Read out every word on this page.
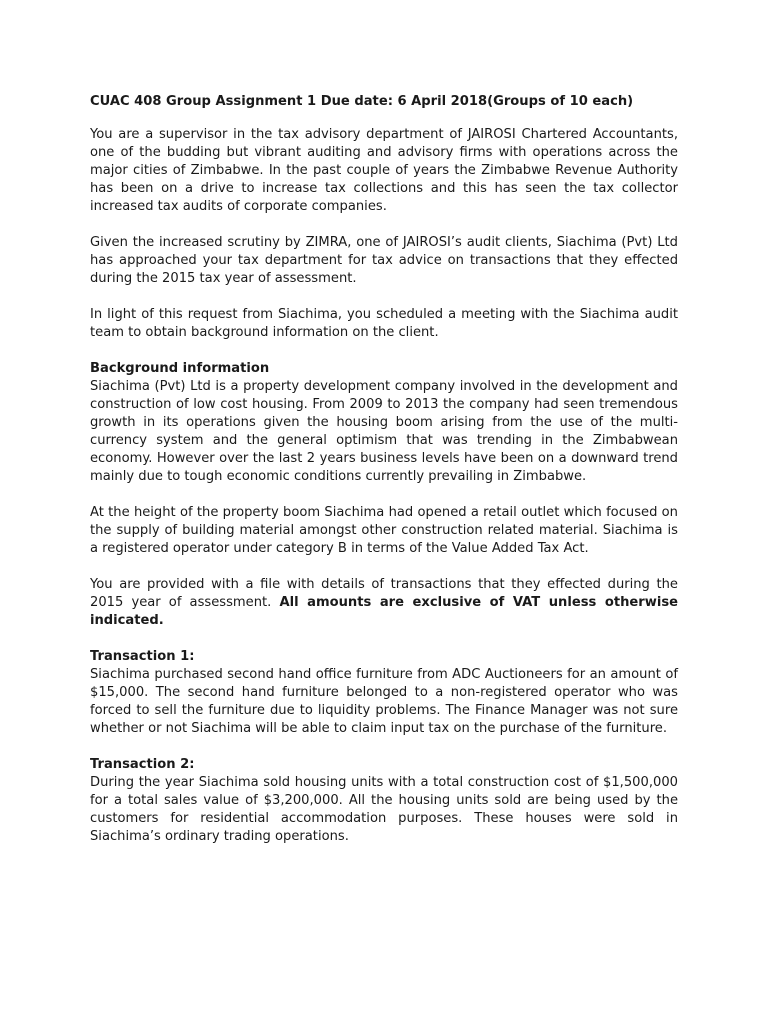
CUAC 408 Group Assignment 1 Due date: 6 April 2018(Groups of 10 each)

You are a supervisor in the tax advisory department of JAIROSI Chartered Accountants, one of the budding but vibrant auditing and advisory firms with operations across the major cities of Zimbabwe. In the past couple of years the Zimbabwe Revenue Authority has been on a drive to increase tax collections and this has seen the tax collector increased tax audits of corporate companies.

Given the increased scrutiny by ZIMRA, one of JAIROSI’s audit clients, Siachima (Pvt) Ltd has approached your tax department for tax advice on transactions that they effected during the 2015 tax year of assessment.

In light of this request from Siachima, you scheduled a meeting with the Siachima audit team to obtain background information on the client.

Background information

Siachima (Pvt) Ltd is a property development company involved in the development and construction of low cost housing. From 2009 to 2013 the company had seen tremendous growth in its operations given the housing boom arising from the use of the multi-currency system and the general optimism that was trending in the Zimbabwean economy. However over the last 2 years business levels have been on a downward trend mainly due to tough economic conditions currently prevailing in Zimbabwe.

At the height of the property boom Siachima had opened a retail outlet which focused on the supply of building material amongst other construction related material. Siachima is a registered operator under category B in terms of the Value Added Tax Act.

You are provided with a file with details of transactions that they effected during the 2015 year of assessment. All amounts are exclusive of VAT unless otherwise indicated.

Transaction 1:

Siachima purchased second hand office furniture from ADC Auctioneers for an amount of $15,000. The second hand furniture belonged to a non-registered operator who was forced to sell the furniture due to liquidity problems. The Finance Manager was not sure whether or not Siachima will be able to claim input tax on the purchase of the furniture.

Transaction 2:

During the year Siachima sold housing units with a total construction cost of $1,500,000 for a total sales value of $3,200,000. All the housing units sold are being used by the customers for residential accommodation purposes. These houses were sold in Siachima’s ordinary trading operations.
